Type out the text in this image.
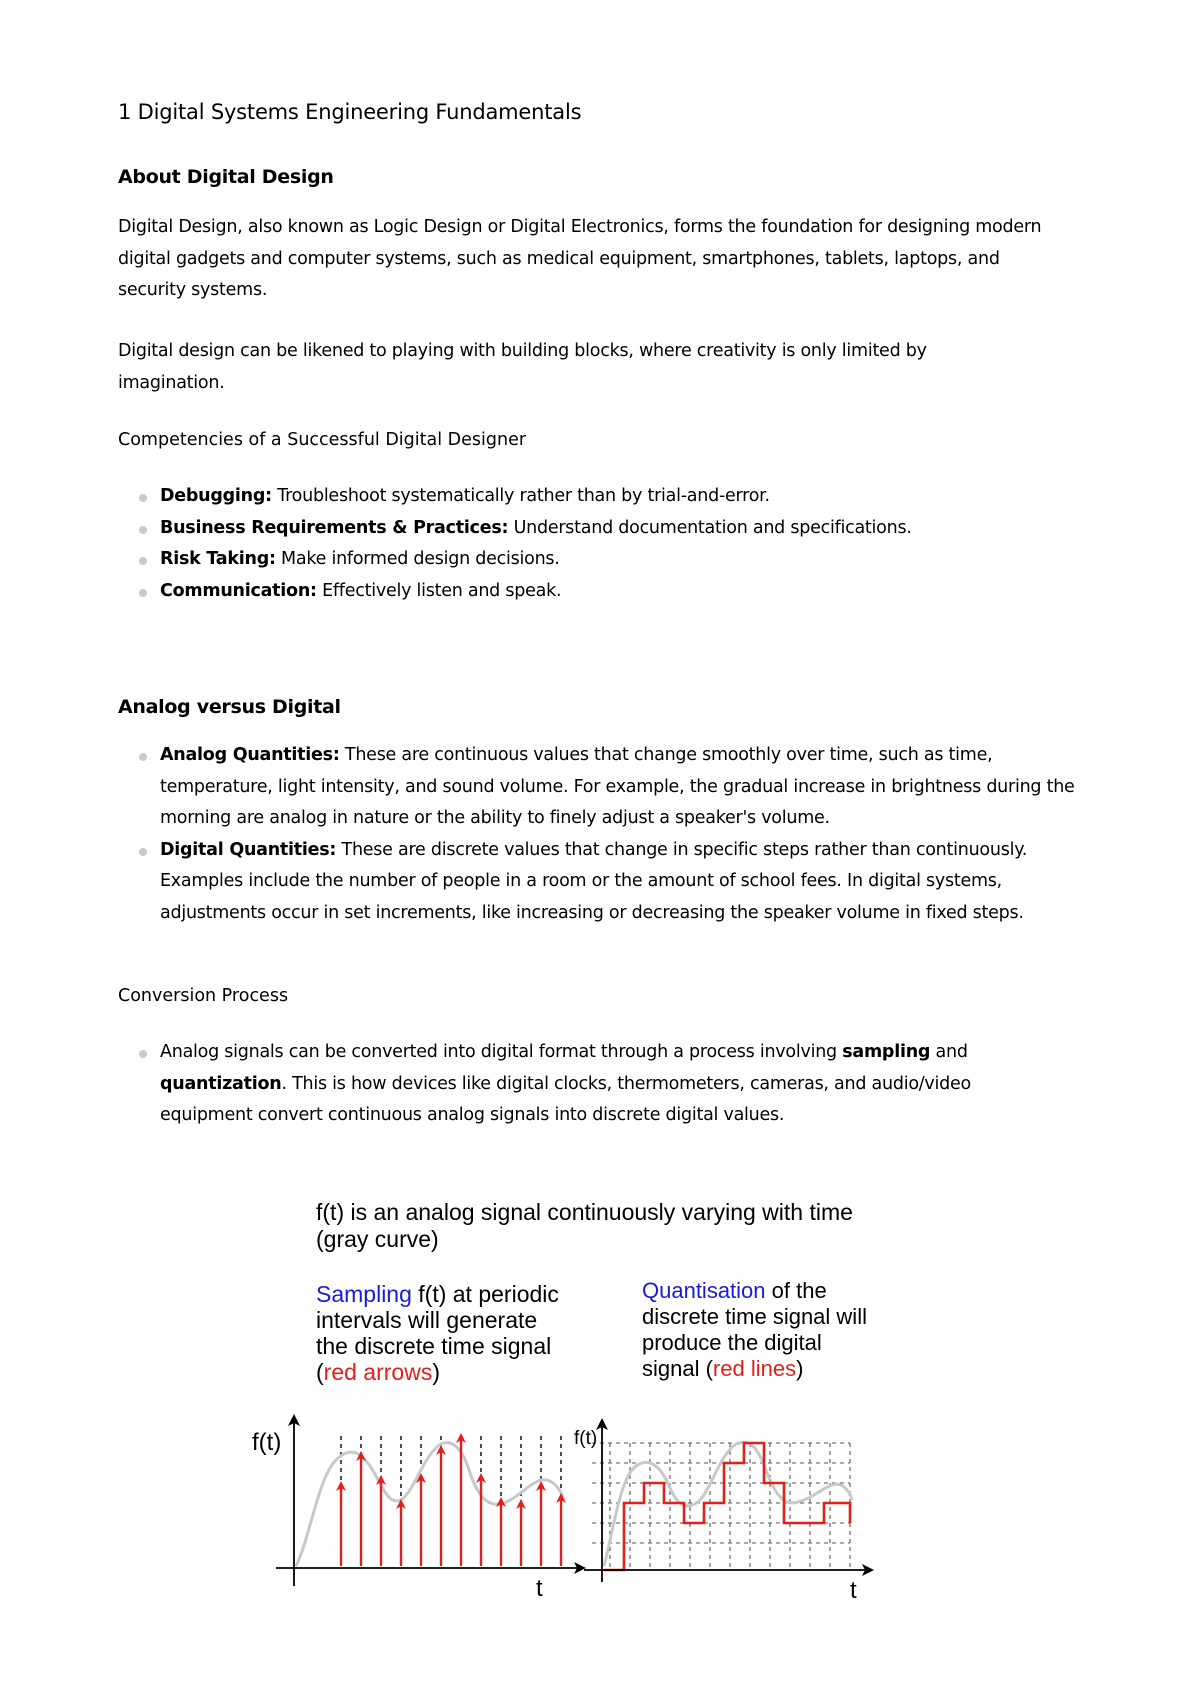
1 Digital Systems Engineering Fundamentals
About Digital Design

Digital Design, also known as Logic Design or Digital Electronics, forms the foundation for designing modern digital gadgets and computer systems, such as medical equipment, smartphones, tablets, laptops, and security systems.

Digital design can be likened to playing with building blocks, where creativity is only limited by imagination.

Competencies of a Successful Digital Designer
Debugging: Troubleshoot systematically rather than by trial-and-error.
Business Requirements & Practices: Understand documentation and specifications.
Risk Taking: Make informed design decisions.
Communication: Effectively listen and speak.
Analog versus Digital
Analog Quantities: These are continuous values that change smoothly over time, such as time, temperature, light intensity, and sound volume. For example, the gradual increase in brightness during the morning are analog in nature or the ability to finely adjust a speaker's volume.
Digital Quantities: These are discrete values that change in specific steps rather than continuously. Examples include the number of people in a room or the amount of school fees. In digital systems, adjustments occur in set increments, like increasing or decreasing the speaker volume in fixed steps.
Conversion Process
Analog signals can be converted into digital format through a process involving sampling and quantization. This is how devices like digital clocks, thermometers, cameras, and audio/video equipment convert continuous analog signals into discrete digital values.
f(t) is an analog signal continuously varying with time
(gray curve)
Sampling f(t) at periodic
intervals will generate
the discrete time signal
(red arrows)
Quantisation of the
discrete time signal will
produce the digital
signal (red lines)
f(t)
t
f(t)
t
